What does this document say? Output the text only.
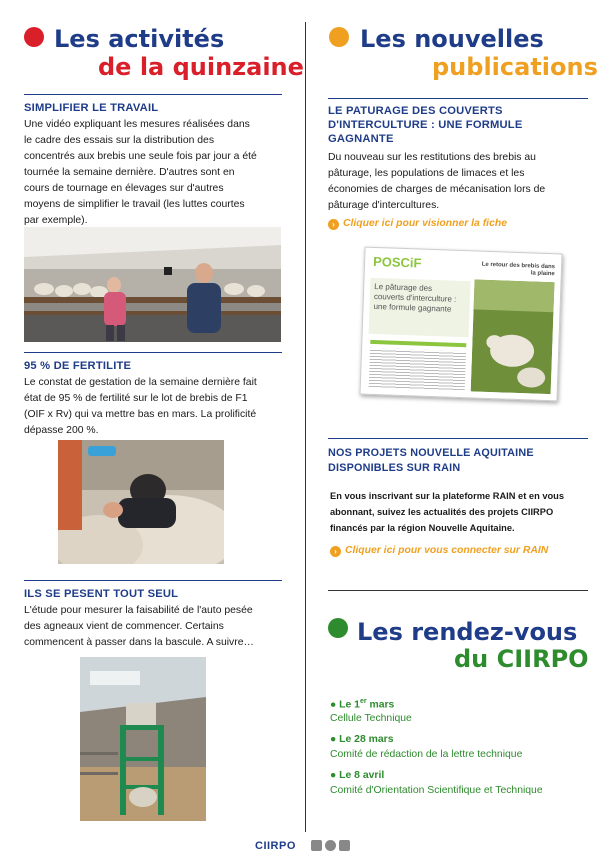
Les activités
de la quinzaine
SIMPLIFIER LE TRAVAIL
Une vidéo expliquant les mesures réalisées dans
le cadre des essais sur la distribution des
concentrés aux brebis une seule fois par jour a été
tournée la semaine dernière. D'autres sont en
cours de tournage en élevages sur d'autres
moyens de simplifier le travail (les luttes courtes
par exemple).
95 % DE FERTILITE
Le constat de gestation de la semaine dernière fait
état de 95 % de fertilité sur le lot de brebis de F1
(OIF x Rv) qui va mettre bas en mars. La prolificité
dépasse 200 %.
ILS SE PESENT TOUT SEUL
L'étude pour mesurer la faisabilité de l'auto pesée
des agneaux vient de commencer. Certains
commencent à passer dans la bascule. A suivre…
Les nouvelles
publications
LE PATURAGE DES COUVERTS
D'INTERCULTURE : UNE FORMULE
GAGNANTE
Du nouveau sur les restitutions des brebis au
pâturage, les populations de limaces et les
économies de charges de mécanisation lors de
pâturage d'intercultures.
› Cliquer ici pour visionner la fiche
POSCiF	Le retour des brebis dans la plaine
Le pâturage des
couverts d'interculture :
une formule gagnante
NOS PROJETS NOUVELLE AQUITAINE
DISPONIBLES SUR RAIN
En vous inscrivant sur la plateforme RAIN et en vous
abonnant, suivez les actualités des projets CIIRPO
financés par la région Nouvelle Aquitaine.
› Cliquer ici pour vous connecter sur RAIN
Les rendez-vous
du CIIRPO
● Le 1er mars
Cellule Technique
● Le 28 mars
Comité de rédaction de la lettre technique
● Le 8 avril
Comité d'Orientation Scientifique et Technique
CIIRPO
